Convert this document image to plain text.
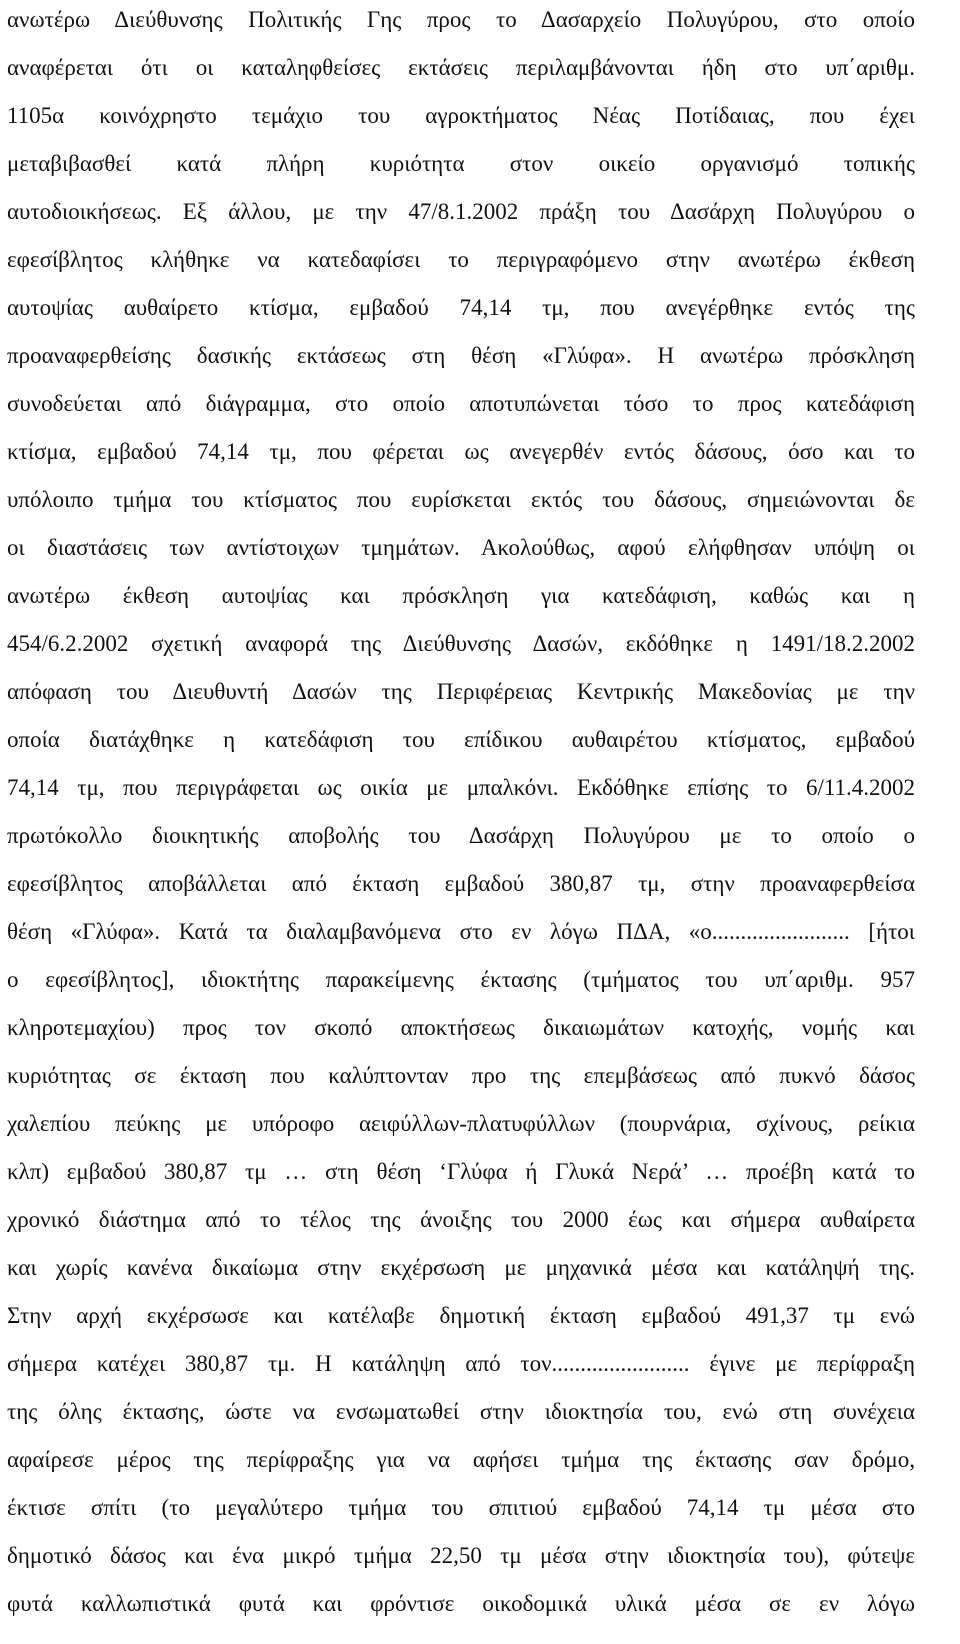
ανωτέρω Διεύθυνσης Πολιτικής Γης προς το Δασαρχείο Πολυγύρου, στο οποίο
αναφέρεται ότι οι καταληφθείσες εκτάσεις περιλαμβάνονται ήδη στο υπ΄αριθμ.
1105α κοινόχρηστο τεμάχιο του αγροκτήματος Νέας Ποτίδαιας, που έχει
μεταβιβασθεί κατά πλήρη κυριότητα στον οικείο οργανισμό τοπικής
αυτοδιοικήσεως. Εξ άλλου, με την 47/8.1.2002 πράξη του Δασάρχη Πολυγύρου ο
εφεσίβλητος κλήθηκε να κατεδαφίσει το περιγραφόμενο στην ανωτέρω έκθεση
αυτοψίας αυθαίρετο κτίσμα, εμβαδού 74,14 τμ, που ανεγέρθηκε εντός της
προαναφερθείσης δασικής εκτάσεως στη θέση «Γλύφα». Η ανωτέρω πρόσκληση
συνοδεύεται από διάγραμμα, στο οποίο αποτυπώνεται τόσο το προς κατεδάφιση
κτίσμα, εμβαδού 74,14 τμ, που φέρεται ως ανεγερθέν εντός δάσους, όσο και το
υπόλοιπο τμήμα του κτίσματος που ευρίσκεται εκτός του δάσους, σημειώνονται δε
οι διαστάσεις των αντίστοιχων τμημάτων. Ακολούθως, αφού ελήφθησαν υπόψη οι
ανωτέρω έκθεση αυτοψίας και πρόσκληση για κατεδάφιση, καθώς και η
454/6.2.2002 σχετική αναφορά της Διεύθυνσης Δασών, εκδόθηκε η 1491/18.2.2002
απόφαση του Διευθυντή Δασών της Περιφέρειας Κεντρικής Μακεδονίας με την
οποία διατάχθηκε η κατεδάφιση του επίδικου αυθαιρέτου κτίσματος, εμβαδού
74,14 τμ, που περιγράφεται ως οικία με μπαλκόνι. Εκδόθηκε επίσης το 6/11.4.2002
πρωτόκολλο διοικητικής αποβολής του Δασάρχη Πολυγύρου με το οποίο ο
εφεσίβλητος αποβάλλεται από έκταση εμβαδού 380,87 τμ, στην προαναφερθείσα
θέση «Γλύφα». Κατά τα διαλαμβανόμενα στο εν λόγω ΠΔΑ, «ο........................ [ήτοι
ο εφεσίβλητος], ιδιοκτήτης παρακείμενης έκτασης (τμήματος του υπ΄αριθμ. 957
κληροτεμαχίου) προς τον σκοπό αποκτήσεως δικαιωμάτων κατοχής, νομής και
κυριότητας σε έκταση που καλύπτονταν προ της επεμβάσεως από πυκνό δάσος
χαλεπίου πεύκης με υπόροφο αειφύλλων-πλατυφύλλων (πουρνάρια, σχίνους, ρείκια
κλπ) εμβαδού 380,87 τμ … στη θέση ‘Γλύφα ή Γλυκά Νερά’ … προέβη κατά το
χρονικό διάστημα από το τέλος της άνοιξης του 2000 έως και σήμερα αυθαίρετα
και χωρίς κανένα δικαίωμα στην εκχέρσωση με μηχανικά μέσα και κατάληψή της.
Στην αρχή εκχέρσωσε και κατέλαβε δημοτική έκταση εμβαδού 491,37 τμ ενώ
σήμερα κατέχει 380,87 τμ. Η κατάληψη από τον........................ έγινε με περίφραξη
της όλης έκτασης, ώστε να ενσωματωθεί στην ιδιοκτησία του, ενώ στη συνέχεια
αφαίρεσε μέρος της περίφραξης για να αφήσει τμήμα της έκτασης σαν δρόμο,
έκτισε σπίτι (το μεγαλύτερο τμήμα του σπιτιού εμβαδού 74,14 τμ μέσα στο
δημοτικό δάσος και ένα μικρό τμήμα 22,50 τμ μέσα στην ιδιοκτησία του), φύτεψε
φυτά καλλωπιστικά φυτά και φρόντισε οικοδομικά υλικά μέσα σε εν λόγω
